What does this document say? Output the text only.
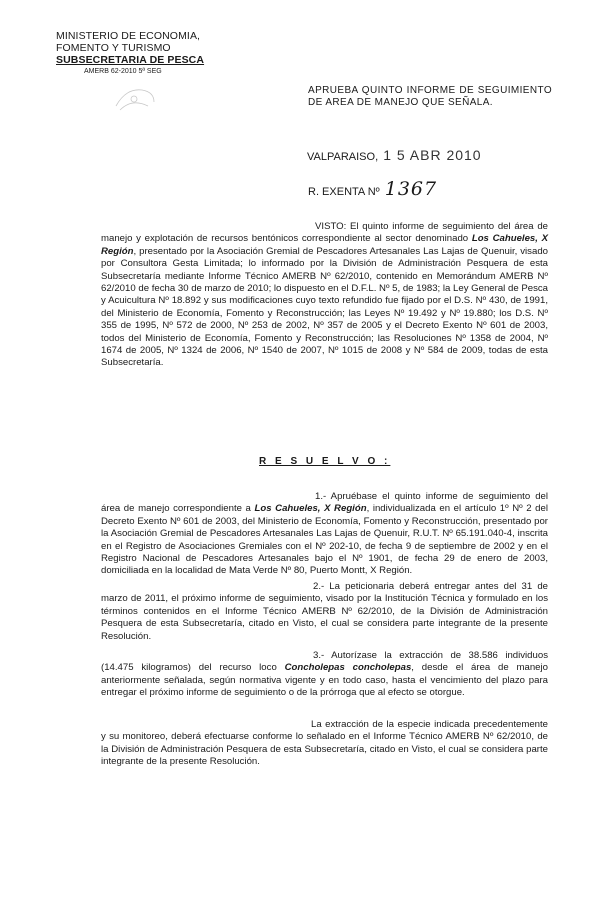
MINISTERIO DE ECONOMIA,
FOMENTO Y TURISMO
SUBSECRETARIA DE PESCA
AMERB 62-2010 5ª SEG
APRUEBA QUINTO INFORME DE SEGUIMIENTO DE AREA DE MANEJO QUE SEÑALA.
VALPARAISO, 1 5 ABR 2010
R. EXENTA Nº 1367
VISTO: El quinto informe de seguimiento del área de manejo y explotación de recursos bentónicos correspondiente al sector denominado Los Cahueles, X Región, presentado por la Asociación Gremial de Pescadores Artesanales Las Lajas de Quenuir, visado por Consultora Gesta Limitada; lo informado por la División de Administración Pesquera de esta Subsecretaría mediante Informe Técnico AMERB Nº 62/2010, contenido en Memorándum AMERB Nº 62/2010 de fecha 30 de marzo de 2010; lo dispuesto en el D.F.L. Nº 5, de 1983; la Ley General de Pesca y Acuicultura Nº 18.892 y sus modificaciones cuyo texto refundido fue fijado por el D.S. Nº 430, de 1991, del Ministerio de Economía, Fomento y Reconstrucción; las Leyes Nº 19.492 y Nº 19.880; los D.S. Nº 355 de 1995, Nº 572 de 2000, Nº 253 de 2002, Nº 357 de 2005 y el Decreto Exento Nº 601 de 2003, todos del Ministerio de Economía, Fomento y Reconstrucción; las Resoluciones Nº 1358 de 2004, Nº 1674 de 2005, Nº 1324 de 2006, Nº 1540 de 2007, Nº 1015 de 2008 y Nº 584 de 2009, todas de esta Subsecretaría.
R E S U E L V O :
1.- Apruébase el quinto informe de seguimiento del área de manejo correspondiente a Los Cahueles, X Región, individualizada en el artículo 1º Nº 2 del Decreto Exento Nº 601 de 2003, del Ministerio de Economía, Fomento y Reconstrucción, presentado por la Asociación Gremial de Pescadores Artesanales Las Lajas de Quenuir, R.U.T. Nº 65.191.040-4, inscrita en el Registro de Asociaciones Gremiales con el Nº 202-10, de fecha 9 de septiembre de 2002 y en el Registro Nacional de Pescadores Artesanales bajo el Nº 1901, de fecha 29 de enero de 2003, domiciliada en la localidad de Mata Verde Nº 80, Puerto Montt, X Región.
2.- La peticionaria deberá entregar antes del 31 de marzo de 2011, el próximo informe de seguimiento, visado por la Institución Técnica y formulado en los términos contenidos en el Informe Técnico AMERB Nº 62/2010, de la División de Administración Pesquera de esta Subsecretaría, citado en Visto, el cual se considera parte integrante de la presente Resolución.
3.- Autorízase la extracción de 38.586 individuos (14.475 kilogramos) del recurso loco Concholepas concholepas, desde el área de manejo anteriormente señalada, según normativa vigente y en todo caso, hasta el vencimiento del plazo para entregar el próximo informe de seguimiento o de la prórroga que al efecto se otorgue.
La extracción de la especie indicada precedentemente y su monitoreo, deberá efectuarse conforme lo señalado en el Informe Técnico AMERB Nº 62/2010, de la División de Administración Pesquera de esta Subsecretaría, citado en Visto, el cual se considera parte integrante de la presente Resolución.
